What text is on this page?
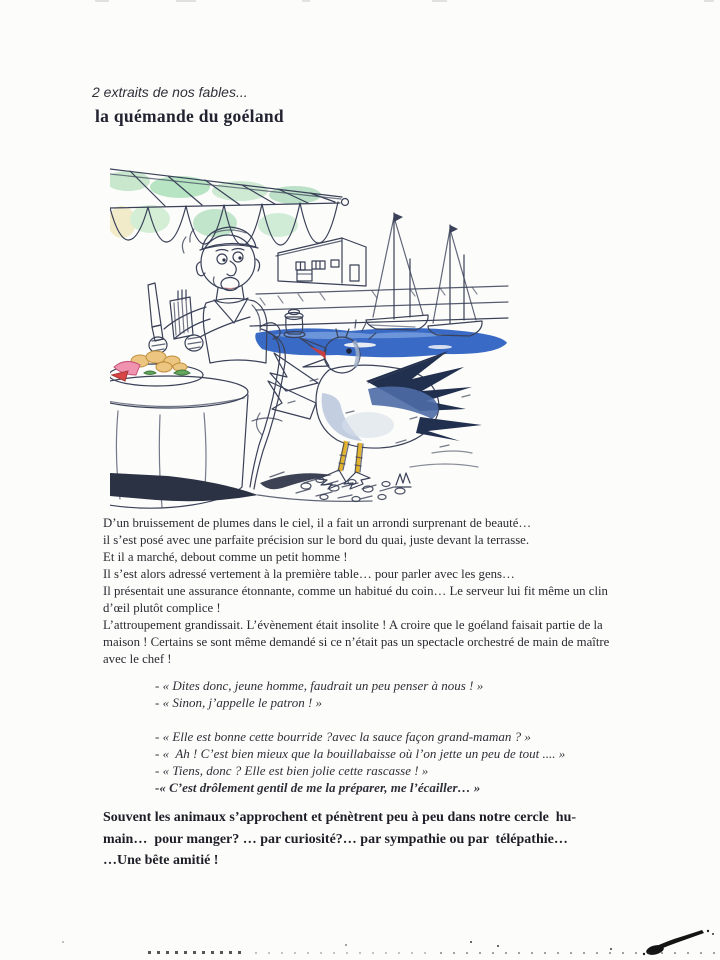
2 extraits de nos fables...
la quémande du goéland
D’un bruissement de plumes dans le ciel, il a fait un arrondi surprenant de beauté…
il s’est posé avec une parfaite précision sur le bord du quai, juste devant la terrasse.
Et il a marché, debout comme un petit homme !
Il s’est alors adressé vertement à la première table… pour parler avec les gens…
Il présentait une assurance étonnante, comme un habitué du coin… Le serveur lui fit même un clin
d’œil plutôt complice !
L’attroupement grandissait. L’évènement était insolite ! A croire que le goéland faisait partie de la
maison ! Certains se sont même demandé si ce n’était pas un spectacle orchestré de main de maître
avec le chef !
- « Dites donc, jeune homme, faudrait un peu penser à nous ! »
- « Sinon, j’appelle le patron ! »
- « Elle est bonne cette bourride ?avec la sauce façon grand-maman ? »
- «  Ah ! C’est bien mieux que la bouillabaisse où l’on jette un peu de tout .... »
- « Tiens, donc ? Elle est bien jolie cette rascasse ! »
-« C’est drôlement gentil de me la préparer, me l’écailler… »
Souvent les animaux s’approchent et pénètrent peu à peu dans notre cercle  hu-
main…  pour manger? … par curiosité?… par sympathie ou par  télépathie…
…Une bête amitié !
